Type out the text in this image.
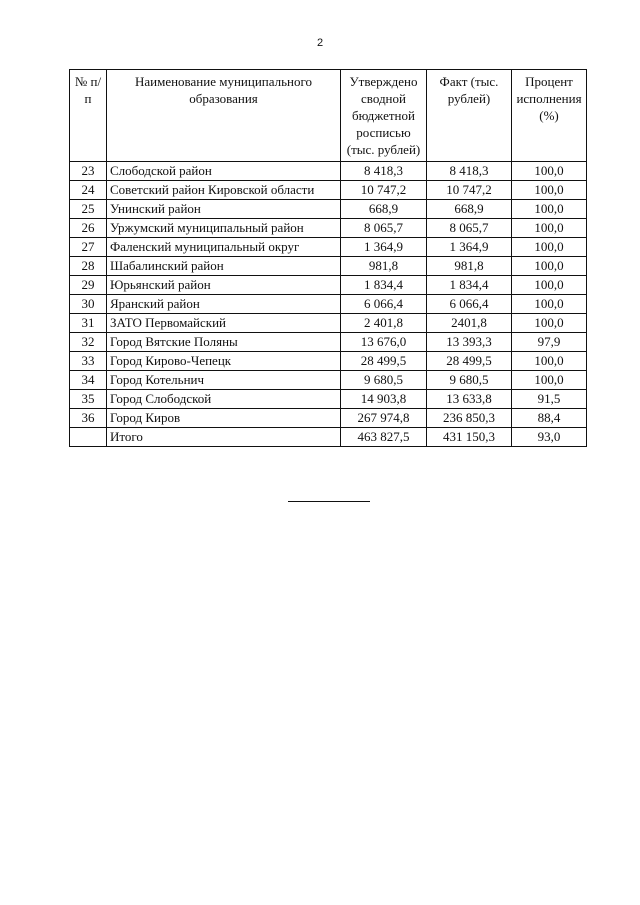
2
№ п/п	Наименование муниципального образования	Утверждено сводной бюджетной росписью (тыс. рублей)	Факт (тыс. рублей)	Процент исполнения (%)
23	Слободской район	8 418,3	8 418,3	100,0
24	Советский район Кировской области	10 747,2	10 747,2	100,0
25	Унинский район	668,9	668,9	100,0
26	Уржумский муниципальный район	8 065,7	8 065,7	100,0
27	Фаленский муниципальный округ	1 364,9	1 364,9	100,0
28	Шабалинский район	981,8	981,8	100,0
29	Юрьянский район	1 834,4	1 834,4	100,0
30	Яранский район	6 066,4	6 066,4	100,0
31	ЗАТО Первомайский	2 401,8	2401,8	100,0
32	Город Вятские Поляны	13 676,0	13 393,3	97,9
33	Город Кирово-Чепецк	28 499,5	28 499,5	100,0
34	Город Котельнич	9 680,5	9 680,5	100,0
35	Город Слободской	14 903,8	13 633,8	91,5
36	Город Киров	267 974,8	236 850,3	88,4
	Итого	463 827,5	431 150,3	93,0
